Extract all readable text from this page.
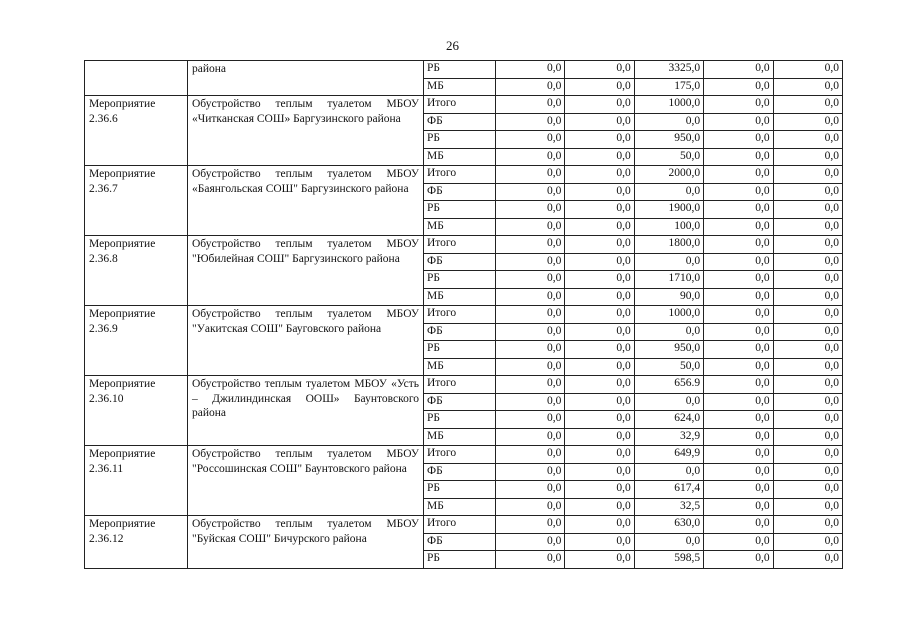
26
	района	РБ	0,0	0,0	3325,0	0,0	0,0
		МБ	0,0	0,0	175,0	0,0	0,0
Мероприятие 2.36.6	Обустройство теплым туалетом МБОУ «Читканская СОШ» Баргузинского района	Итого	0,0	0,0	1000,0	0,0	0,0
		ФБ	0,0	0,0	0,0	0,0	0,0
		РБ	0,0	0,0	950,0	0,0	0,0
		МБ	0,0	0,0	50,0	0,0	0,0
Мероприятие 2.36.7	Обустройство теплым туалетом МБОУ «Баянгольская СОШ" Баргузинского района	Итого	0,0	0,0	2000,0	0,0	0,0
		ФБ	0,0	0,0	0,0	0,0	0,0
		РБ	0,0	0,0	1900,0	0,0	0,0
		МБ	0,0	0,0	100,0	0,0	0,0
Мероприятие 2.36.8	Обустройство теплым туалетом МБОУ "Юбилейная СОШ" Баргузинского района	Итого	0,0	0,0	1800,0	0,0	0,0
		ФБ	0,0	0,0	0,0	0,0	0,0
		РБ	0,0	0,0	1710,0	0,0	0,0
		МБ	0,0	0,0	90,0	0,0	0,0
Мероприятие 2.36.9	Обустройство теплым туалетом МБОУ "Уакитская СОШ" Бауговского района	Итого	0,0	0,0	1000,0	0,0	0,0
		ФБ	0,0	0,0	0,0	0,0	0,0
		РБ	0,0	0,0	950,0	0,0	0,0
		МБ	0,0	0,0	50,0	0,0	0,0
Мероприятие 2.36.10	Обустройство теплым туалетом МБОУ «Усть – Джилиндинская ООШ» Баунтовского района	Итого	0,0	0,0	656.9	0,0	0,0
		ФБ	0,0	0,0	0,0	0,0	0,0
		РБ	0,0	0,0	624,0	0,0	0,0
		МБ	0,0	0,0	32,9	0,0	0,0
Мероприятие 2.36.11	Обустройство теплым туалетом МБОУ "Россошинская СОШ" Баунтовского района	Итого	0,0	0,0	649,9	0,0	0,0
		ФБ	0,0	0,0	0,0	0,0	0,0
		РБ	0,0	0,0	617,4	0,0	0,0
		МБ	0,0	0,0	32,5	0,0	0,0
Мероприятие 2.36.12	Обустройство теплым туалетом МБОУ "Буйская СОШ" Бичурского района	Итого	0,0	0,0	630,0	0,0	0,0
		ФБ	0,0	0,0	0,0	0,0	0,0
		РБ	0,0	0,0	598,5	0,0	0,0
